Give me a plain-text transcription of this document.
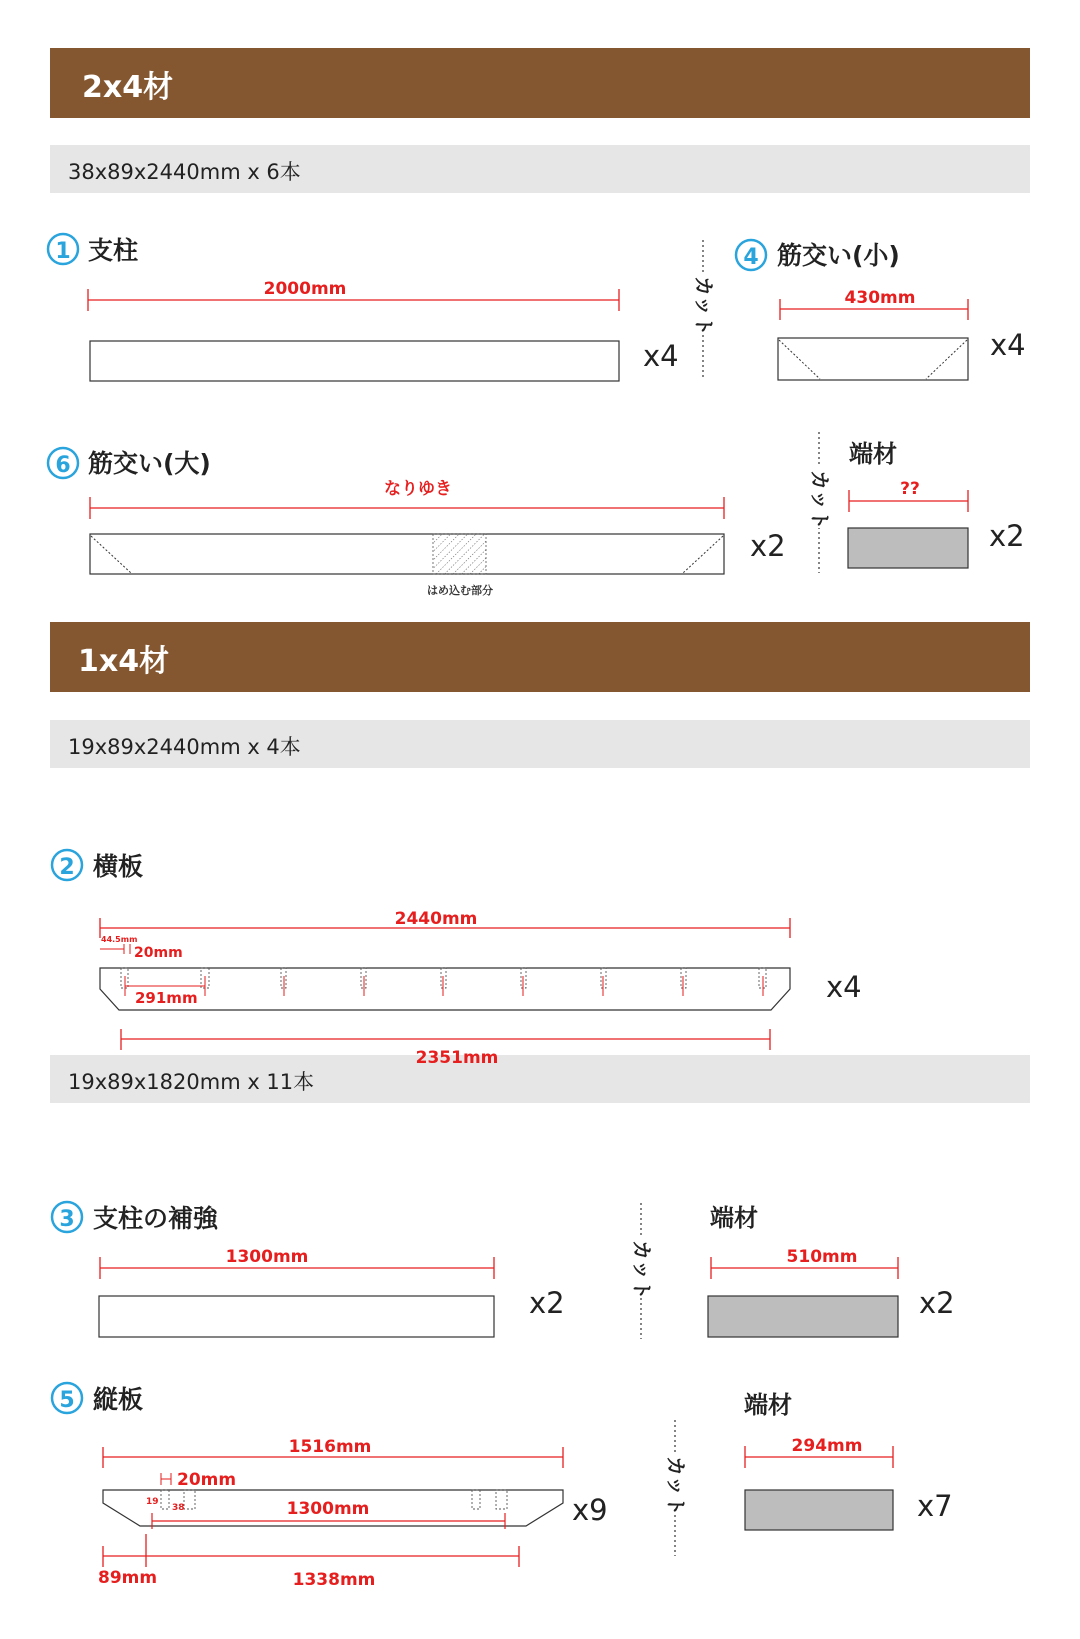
2x4材
38x89x2440mm x 6本
1x4材
19x89x2440mm x 4本
19x89x1820mm x 11本
1 支柱
2000mm
x4
カット
4 筋交い(小)
430mm
x4
6 筋交い(大)
なりゆき
はめ込む部分
x2
カット
端材
??
x2
2 横板
2440mm
44.5mm
20mm
291mm
2351mm
x4
3 支柱の補強
1300mm
x2
カット
端材
510mm
x2
5 縦板
1516mm
20mm
19
38	1300mm
89mm	1338mm
x9	カット
端材
294mm
x7
